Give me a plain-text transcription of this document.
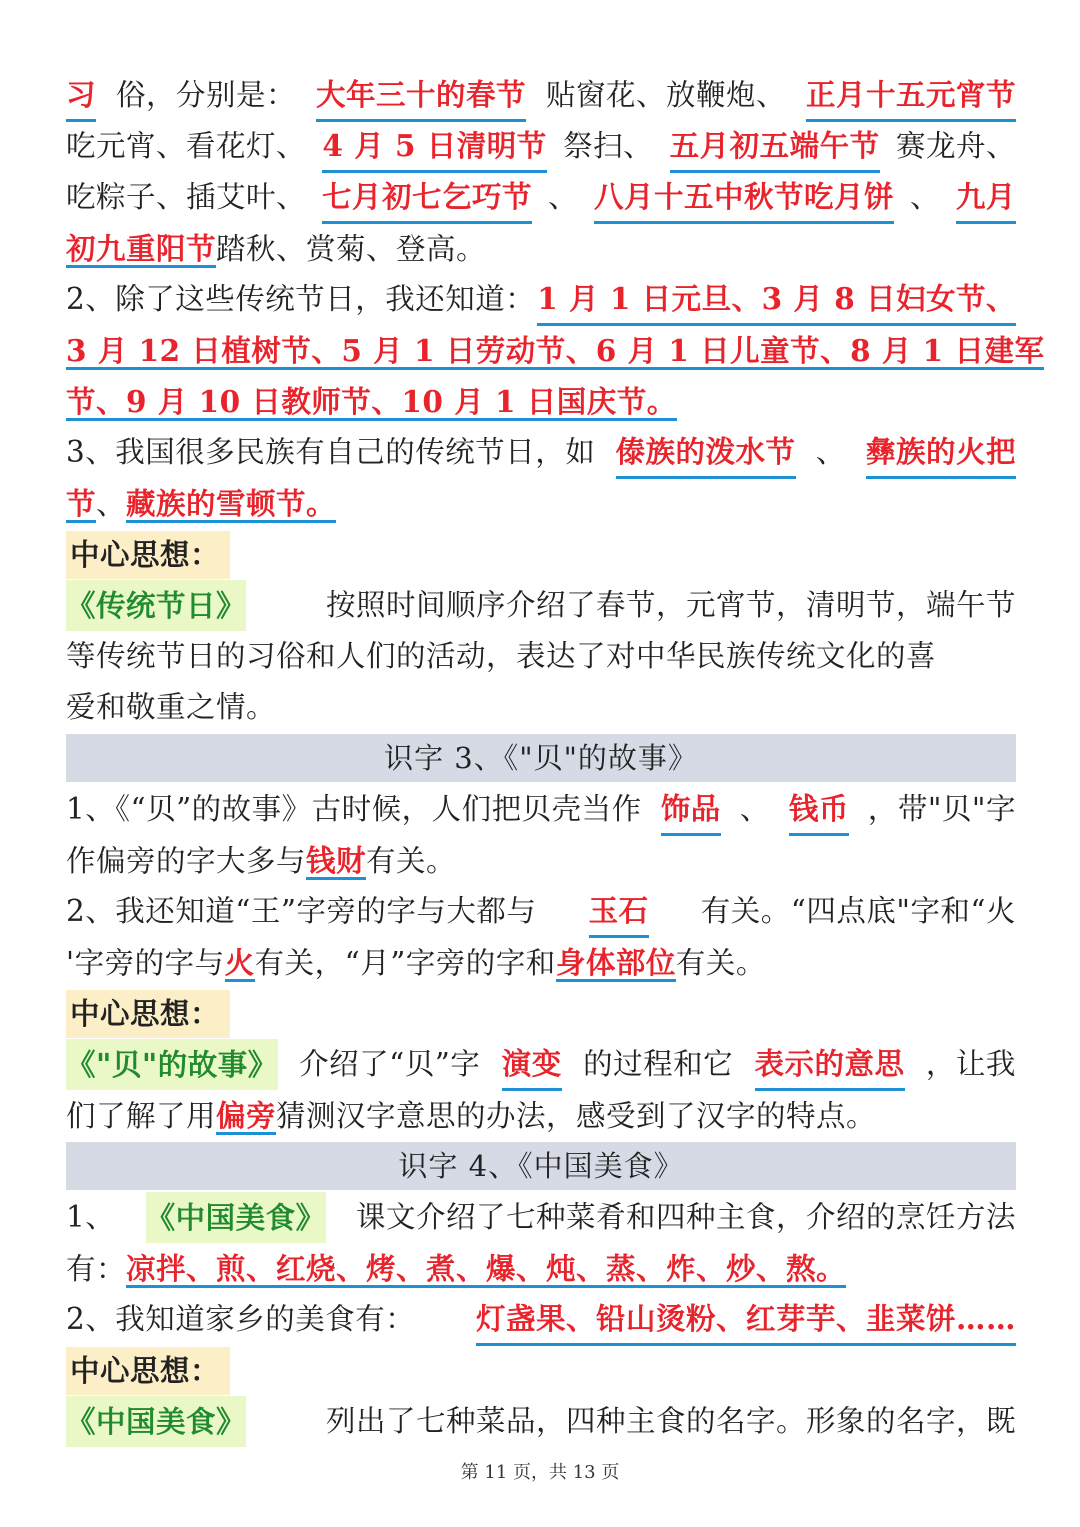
习 俗，分别是： 大年三十的春节 贴窗花、放鞭炮、 正月十五元宵节
吃元宵、看花灯、 4 月 5 日清明节 祭扫、 五月初五端午节 赛龙舟、
吃粽子、插艾叶、 七月初七乞巧节 、 八月十五中秋节吃月饼 、 九月
初九重阳节踏秋、赏菊、登高。
2、除了这些传统节日，我还知道： 1 月 1 日元旦、3 月 8 日妇女节、
3 月 12 日植树节、5 月 1 日劳动节、6 月 1 日儿童节、8 月 1 日建军
节、9 月 10 日教师节、10 月 1 日国庆节。
3、我国很多民族有自己的传统节日，如 傣族的泼水节 、 彝族的火把
节、藏族的雪顿节。
中心思想：
《传统节日》	按照时间顺序介绍了春节，元宵节，清明节，端午节
等传统节日的习俗和人们的活动，表达了对中华民族传统文化的喜
爱和敬重之情。
识字 3、《"贝"的故事》
1、《“贝”的故事》古时候，人们把贝壳当作 饰品 、 钱币 ，带"贝"字
作偏旁的字大多与钱财有关。
2、我还知道“王”字旁的字与大都与 玉石 有关。“四点底"字和“火
'字旁的字与火有关，“月”字旁的字和身体部位有关。
中心思想：
《"贝"的故事》 介绍了“贝”字 演变 的过程和它 表示的意思 ，让我
们了解了用偏旁猜测汉字意思的办法，感受到了汉字的特点。
识字 4、《中国美食》
1、 《中国美食》 课文介绍了七种菜肴和四种主食，介绍的烹饪方法
有：凉拌、煎、红烧、烤、煮、爆、炖、蒸、炸、炒、熬。
2、我知道家乡的美食有： 灯盏果、铅山烫粉、红芽芋、韭菜饼……
中心思想：
《中国美食》	列出了七种菜品，四种主食的名字。形象的名字，既
第 11 页，共 13 页
